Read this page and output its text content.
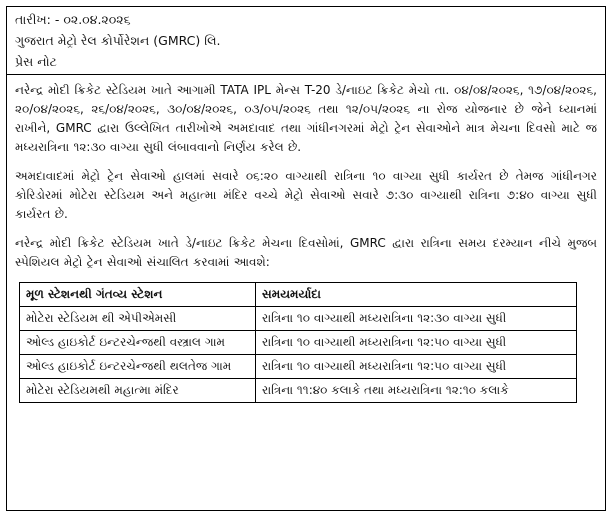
તારીખ: - ૦૨.૦૪.૨૦૨૬
ગુજરાત મેટ્રો રેલ કોર્પોરેશન (GMRC) લિ.
પ્રેસ નોટ

નરેન્દ્ર મોદી ક્રિકેટ સ્ટેડિયમ ખાતે આગામી TATA IPL મેન્સ T-20 ડે/નાઇટ ક્રિકેટ મેચો તા. ૦૪/૦૪/૨૦૨૬, ૧૭/૦૪/૨૦૨૬, ૨૦/૦૪/૨૦૨૬, ૨૬/૦૪/૨૦૨૬, ૩૦/૦૪/૨૦૨૬, ૦૩/૦૫/૨૦૨૬ તથા ૧૨/૦૫/૨૦૨૬ ના રોજ યોજનાર છે જેને ધ્યાનમાં રાખીને, GMRC દ્વારા ઉલ્લેખિત તારીખોએ અમદાવાદ તથા ગાંધીનગરમાં મેટ્રો ટ્રેન સેવાઓને માત્ર મેચના દિવસો માટે જ મધ્યરાત્રિના ૧૨:૩૦ વાગ્યા સુધી લંબાવવાનો નિર્ણય કરેલ છે.

અમદાવાદમાં મેટ્રો ટ્રેન સેવાઓ હાલમાં સવારે ૦૬:૨૦ વાગ્યાથી રાત્રિના ૧૦ વાગ્યા સુધી કાર્યરત છે તેમજ ગાંધીનગર કોરિડોરમાં મોટેરા સ્ટેડિયમ અને મહાત્મા મંદિર વચ્ચે મેટ્રો સેવાઓ સવારે ૭:૩૦ વાગ્યાથી રાત્રિના ૭:૪૦ વાગ્યા સુધી કાર્યરત છે.

નરેન્દ્ર મોદી ક્રિકેટ સ્ટેડિયમ ખાતે ડે/નાઇટ ક્રિકેટ મેચના દિવસોમાં, GMRC દ્વારા રાત્રિના સમય દરમ્યાન નીચે મુજબ સ્પેશિયલ મેટ્રો ટ્રેન સેવાઓ સંચાલિત કરવામાં આવશે:

મૂળ સ્ટેશનથી ગંતવ્ય સ્ટેશન	સમયમર્યાદા
મોટેરા સ્ટેડિયમ થી એપીએમસી	રાત્રિના ૧૦ વાગ્યાથી મધ્યરાત્રિના ૧૨:૩૦ વાગ્યા સુધી
ઓલ્ડ હાઇકોર્ટ ઇન્ટરચેન્જથી વસ્ત્રાલ ગામ	રાત્રિના ૧૦ વાગ્યાથી મધ્યરાત્રિના ૧૨:૫૦ વાગ્યા સુધી
ઓલ્ડ હાઇકોર્ટ ઇન્ટરચેન્જથી થલતેજ ગામ	રાત્રિના ૧૦ વાગ્યાથી મધ્યરાત્રિના ૧૨:૫૦ વાગ્યા સુધી
મોટેરા સ્ટેડિયમથી મહાત્મા મંદિર	રાત્રિના ૧૧:૪૦ કલાકે તથા મધ્યરાત્રિના ૧૨:૧૦ કલાકે
